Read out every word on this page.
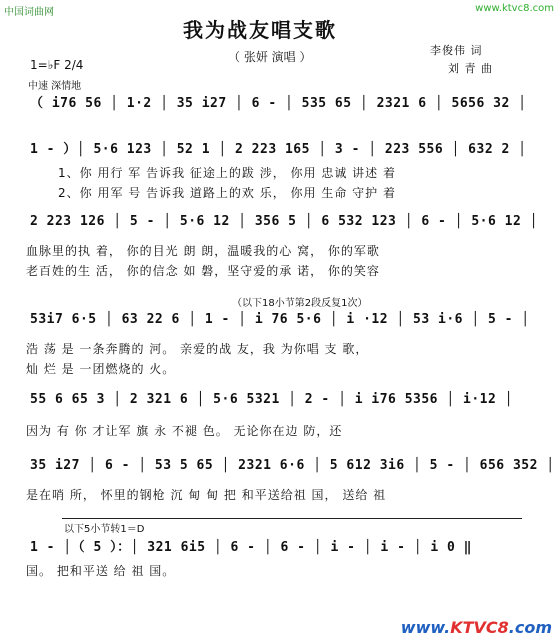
中国词曲网	www.ktvc8.com
我为战友唱支歌
（ 张妍 演唱 ）	李俊伟 词
刘 青 曲
1=♭F 2/4
中速 深情地
（ i76 56 │ 1·2 │ 35 i27 │ 6 - │ 535 65 │ 2321 6 │ 5656 32 │
1 - ）│ 5·6 123 │ 52 1 │ 2 223 165 │ 3 - │ 223 556 │ 632 2 │
1、你 用行 军 告诉我 征途上的跋 涉， 你用 忠诚 讲述 着
2、你 用军 号 告诉我 道路上的欢 乐， 你用 生命 守护 着
2 223 126 │ 5 - │ 5·6 12 │ 356 5 │ 6 532 123 │ 6 - │ 5·6 12 │
血脉里的执 着， 你的目光 朗 朗，温暖我的心 窝， 你的军歌
老百姓的生 活， 你的信念 如 磐，坚守爱的承 诺， 你的笑容
（以下18小节第2段反复1次）
53i7 6·5 │ 63 22 6 │ 1 - │ i 76 5·6 │ i ·12 │ 53 i·6 │ 5 - │
浩 荡 是 一条奔腾的 河。 亲爱的战 友，我 为你唱 支 歌，
灿 烂 是 一团燃烧的 火。
55 6 65 3 │ 2 321 6 │ 5·6 5321 │ 2 - │ i i76 5356 │ i·12 │
因为 有 你 才让军 旗 永 不褪 色。 无论你在边 防，还
35 i27 │ 6 - │ 53 5 65 │ 2321 6·6 │ 5 612 3i6 │ 5 - │ 656 352 │
是在哨 所， 怀里的钢枪 沉 甸 甸 把 和平送给祖 国， 送给 祖
以下5小节转1＝D
1 - │（ 5 ）：│ 321 6i5 │ 6 - │ 6 - │ i - │ i - │ i 0 ‖
国。 把和平送 给 祖 国。
www.KTVC8.com
